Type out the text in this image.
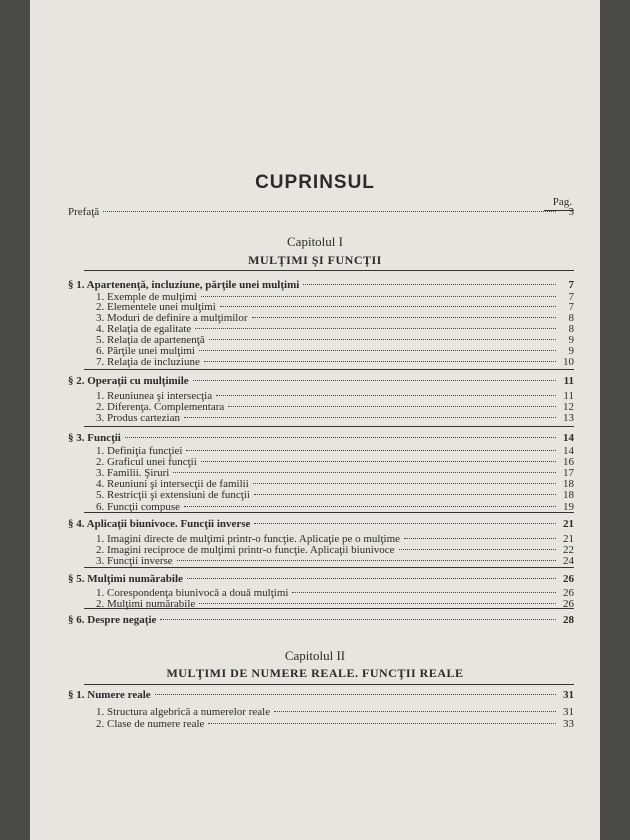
CUPRINSUL
Pag.
Prefaţă	3
Capitolul I
MULŢIMI ŞI FUNCŢII
§ 1. Apartenenţă, incluziune, părţile unei mulţimi	7
1. Exemple de mulţimi	7
2. Elementele unei mulţimi	7
3. Moduri de definire a mulţimilor	8
4. Relaţia de egalitate	8
5. Relaţia de apartenenţă	9
6. Părţile unei mulţimi	9
7. Relaţia de incluziune	10
§ 2. Operaţii cu mulţimile	11
1. Reuniunea şi intersecţia	11
2. Diferenţa. Complementara	12
3. Produs cartezian	13
§ 3. Funcţii	14
1. Definiţia funcţiei	14
2. Graficul unei funcţii	16
3. Familii. Şiruri	17
4. Reuniuni şi intersecţii de familii	18
5. Restricţii şi extensiuni de funcţii	18
6. Funcţii compuse	19
§ 4. Aplicaţii biunivoce. Funcţii inverse	21
1. Imagini directe de mulţimi printr-o funcţie. Aplicaţie pe o mulţime	21
2. Imagini reciproce de mulţimi printr-o funcţie. Aplicaţii biunivoce	22
3. Funcţii inverse	24
§ 5. Mulţimi numărabile	26
1. Corespondenţa biunivocă a două mulţimi	26
2. Mulţimi numărabile	26
§ 6. Despre negaţie	28
Capitolul II
MULŢIMI DE NUMERE REALE. FUNCŢII REALE
§ 1. Numere reale	31
1. Structura algebrică a numerelor reale	31
2. Clase de numere reale	33
